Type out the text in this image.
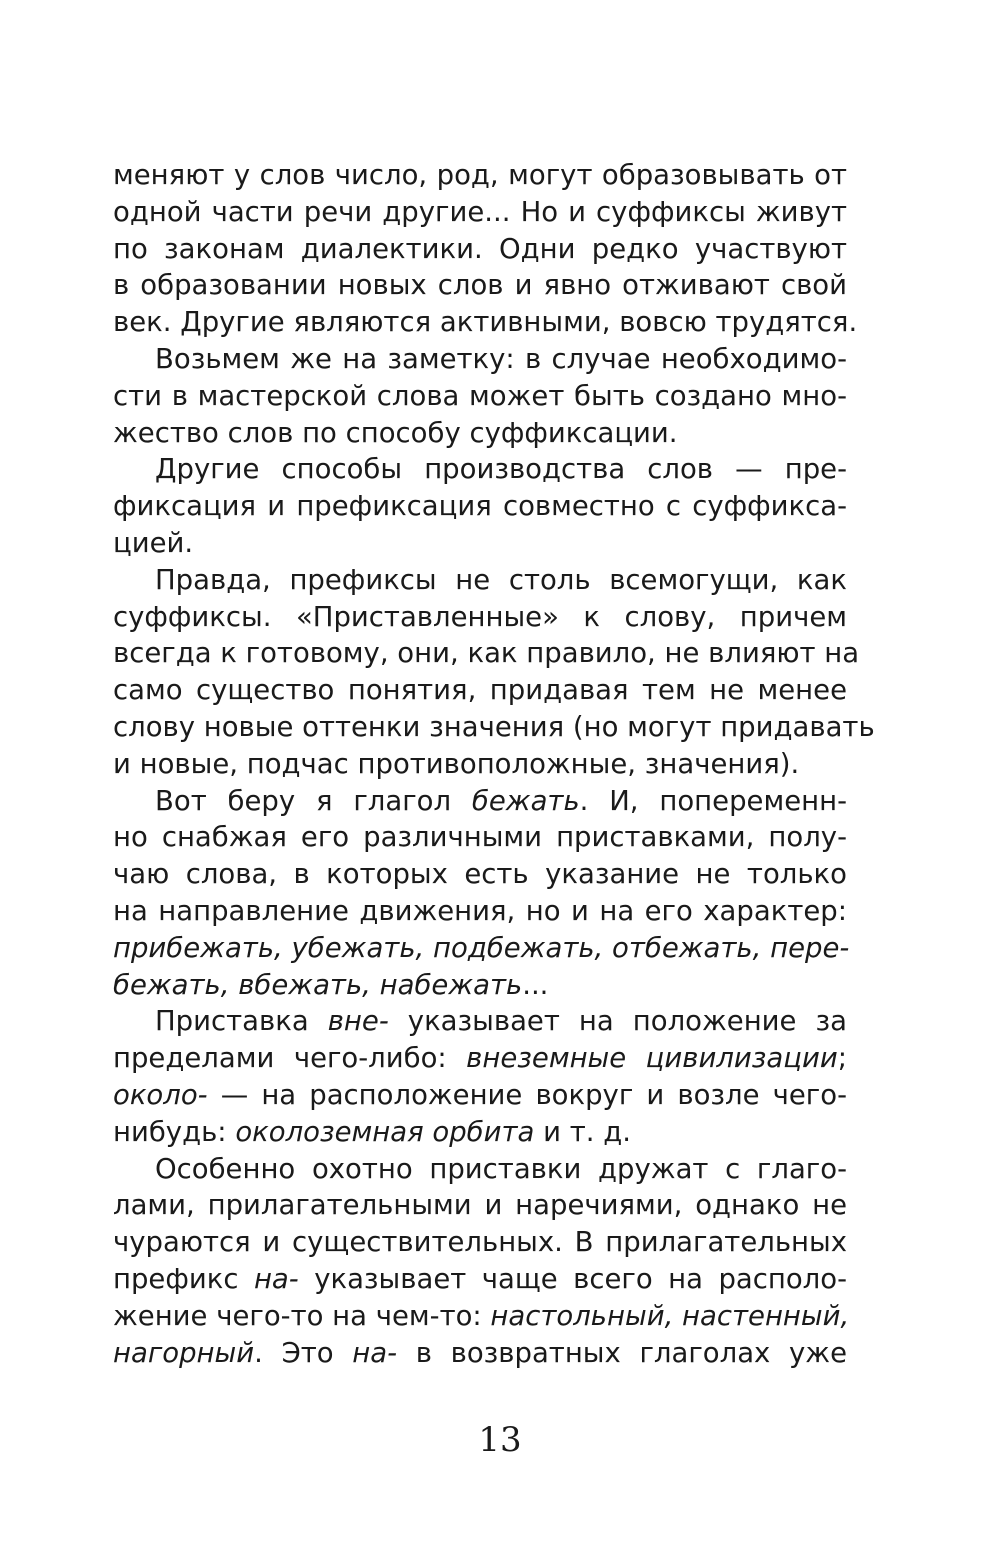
меняют у слов число, род, могут образовывать от
одной части речи другие... Но и суффиксы живут
по законам диалектики. Одни редко участвуют
в образовании новых слов и явно отживают свой
век. Другие являются активными, вовсю трудятся.
Возьмем же на заметку: в случае необходимо-
сти в мастерской слова может быть создано мно-
жество слов по способу суффиксации.
Другие способы производства слов — пре-
фиксация и префиксация совместно с суффикса-
цией.
Правда, префиксы не столь всемогущи, как
суффиксы. «Приставленные» к слову, причем
всегда к готовому, они, как правило, не влияют на
само существо понятия, придавая тем не менее
слову новые оттенки значения (но могут придавать
и новые, подчас противоположные, значения).
Вот беру я глагол бежать. И, попеременн-
но снабжая его различными приставками, полу-
чаю слова, в которых есть указание не только
на направление движения, но и на его характер:
прибежать, убежать, подбежать, отбежать, пере-
бежать, вбежать, набежать...
Приставка вне- указывает на положение за
пределами чего-либо: внеземные цивилизации;
около- — на расположение вокруг и возле чего-
нибудь: околоземная орбита и т. д.
Особенно охотно приставки дружат с глаго-
лами, прилагательными и наречиями, однако не
чураются и существительных. В прилагательных
префикс на- указывает чаще всего на располо-
жение чего-то на чем-то: настольный, настенный,
нагорный. Это на- в возвратных глаголах уже
13
